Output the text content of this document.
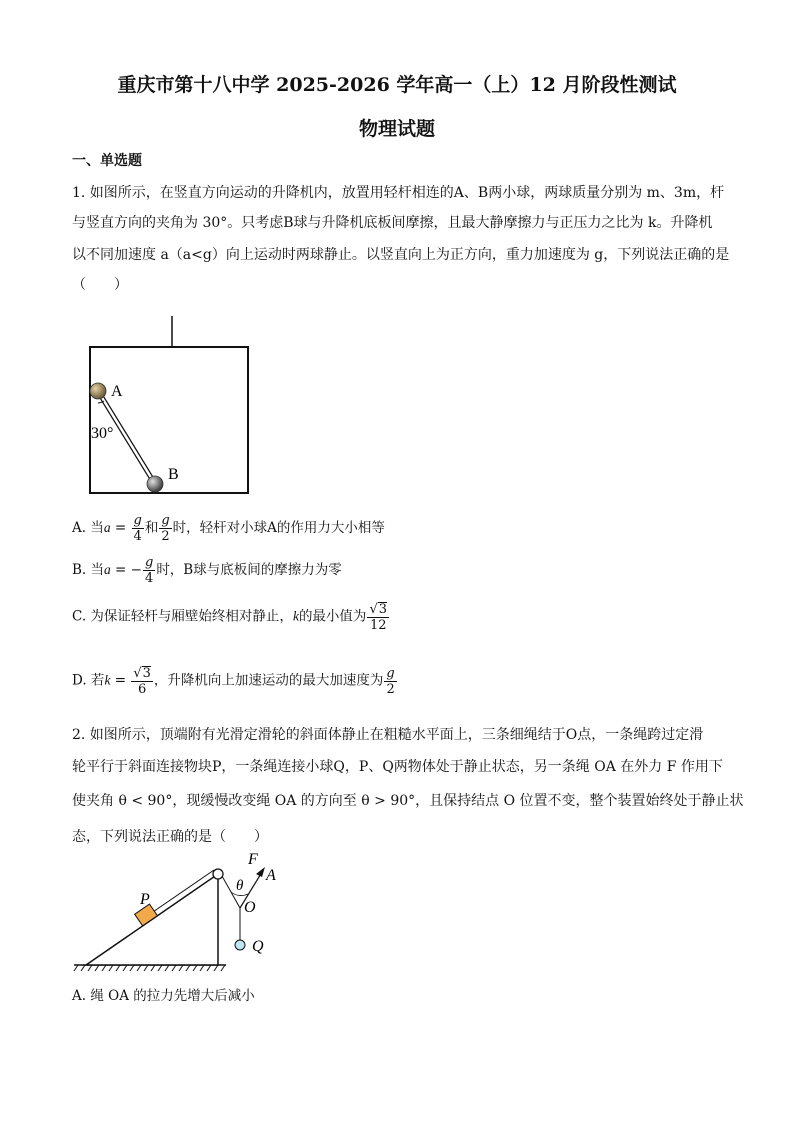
重庆市第十八中学 2025-2026 学年高一（上）12 月阶段性测试
物理试题
一、单选题
1. 如图所示，在竖直方向运动的升降机内，放置用轻杆相连的A、B两小球，两球质量分别为 m、3m，杆
与竖直方向的夹角为 30°。只考虑B球与升降机底板间摩擦，且最大静摩擦力与正压力之比为 k。升降机
以不同加速度 a（a<g）向上运动时两球静止。以竖直向上为正方向，重力加速度为 g，下列说法正确的是
（　　）
A
B
30°
A. 当$a = \frac{g}{4}$ 和 $\frac{g}{2}$ 时，轻杆对小球A的作用力大小相等
B. 当a = − $\frac{g}{4}$ 时，B球与底板间的摩擦力为零
C. 为保证轻杆与厢壁始终相对静止，k的最小值为 $\frac{√3}{12}$
D. 若$k = \frac{√3}{6}$ ，升降机向上加速运动的最大加速度为 $\frac{g}{2}$
2. 如图所示，顶端附有光滑定滑轮的斜面体静止在粗糙水平面上，三条细绳结于O点，一条绳跨过定滑
轮平行于斜面连接物块P，一条绳连接小球Q，P、Q两物体处于静止状态，另一条绳 OA 在外力 F 作用下
使夹角 θ < 90°，现缓慢改变绳 OA 的方向至 θ > 90°，且保持结点 O 位置不变，整个装置始终处于静止状
态，下列说法正确的是（　　）
P
Q
O
F
A
θ
A. 绳 OA 的拉力先增大后减小
